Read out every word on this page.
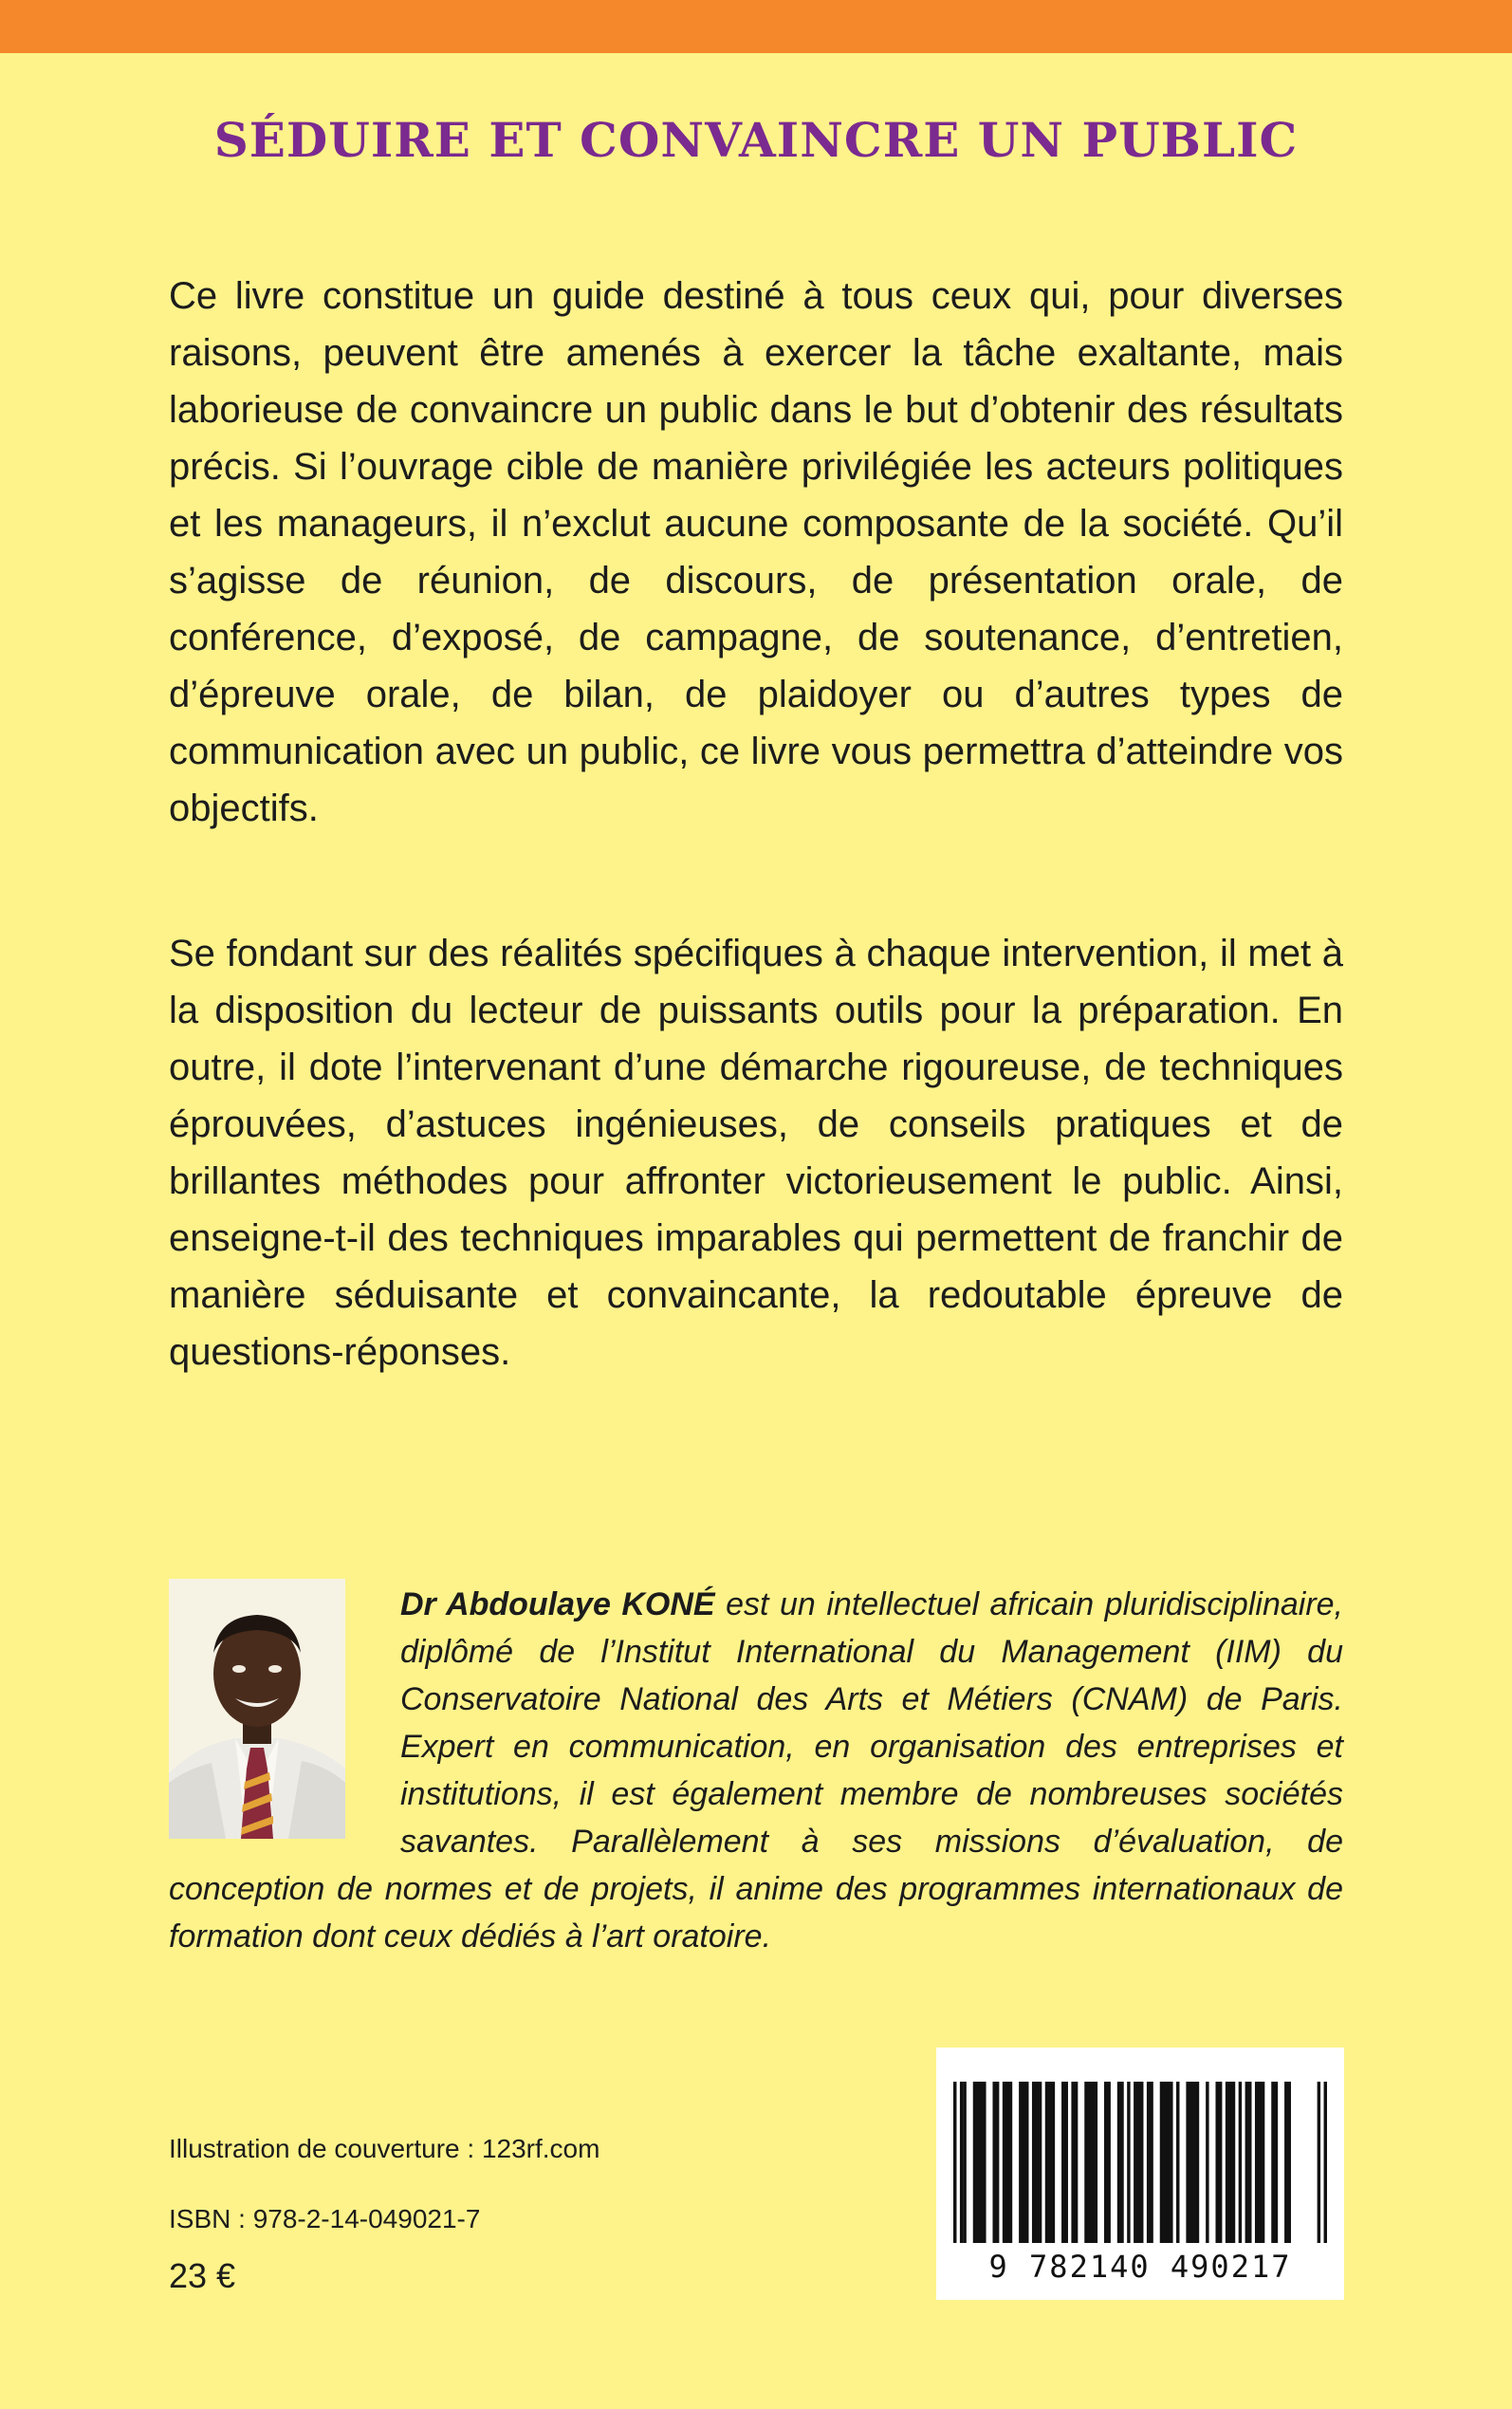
SÉDUIRE ET CONVAINCRE UN PUBLIC

Ce livre constitue un guide destiné à tous ceux qui, pour diverses raisons, peuvent être amenés à exercer la tâche exaltante, mais laborieuse de convaincre un public dans le but d’obtenir des résultats précis. Si l’ouvrage cible de manière privilégiée les acteurs politiques et les manageurs, il n’exclut aucune composante de la société. Qu’il s’agisse de réunion, de discours, de présentation orale, de conférence, d’exposé, de campagne, de soutenance, d’entretien, d’épreuve orale, de bilan, de plaidoyer ou d’autres types de communication avec un public, ce livre vous permettra d’atteindre vos objectifs.

Se fondant sur des réalités spécifiques à chaque intervention, il met à la disposition du lecteur de puissants outils pour la préparation. En outre, il dote l’intervenant d’une démarche rigoureuse, de techniques éprouvées, d’astuces ingénieuses, de conseils pratiques et de brillantes méthodes pour affronter victorieusement le public. Ainsi, enseigne-t-il des techniques imparables qui permettent de franchir de manière séduisante et convaincante, la redoutable épreuve de questions-réponses.

Dr Abdoulaye KONÉ est un intellectuel africain pluridisciplinaire, diplômé de l’Institut International du Management (IIM) du Conservatoire National des Arts et Métiers (CNAM) de Paris. Expert en communication, en organisation des entreprises et institutions, il est également membre de nombreuses sociétés savantes. Parallèlement à ses missions d’évaluation, de conception de normes et de projets, il anime des programmes internationaux de formation dont ceux dédiés à l’art oratoire.

9 782140 490217

Illustration de couverture : 123rf.com

ISBN : 978-2-14-049021-7

23 €
